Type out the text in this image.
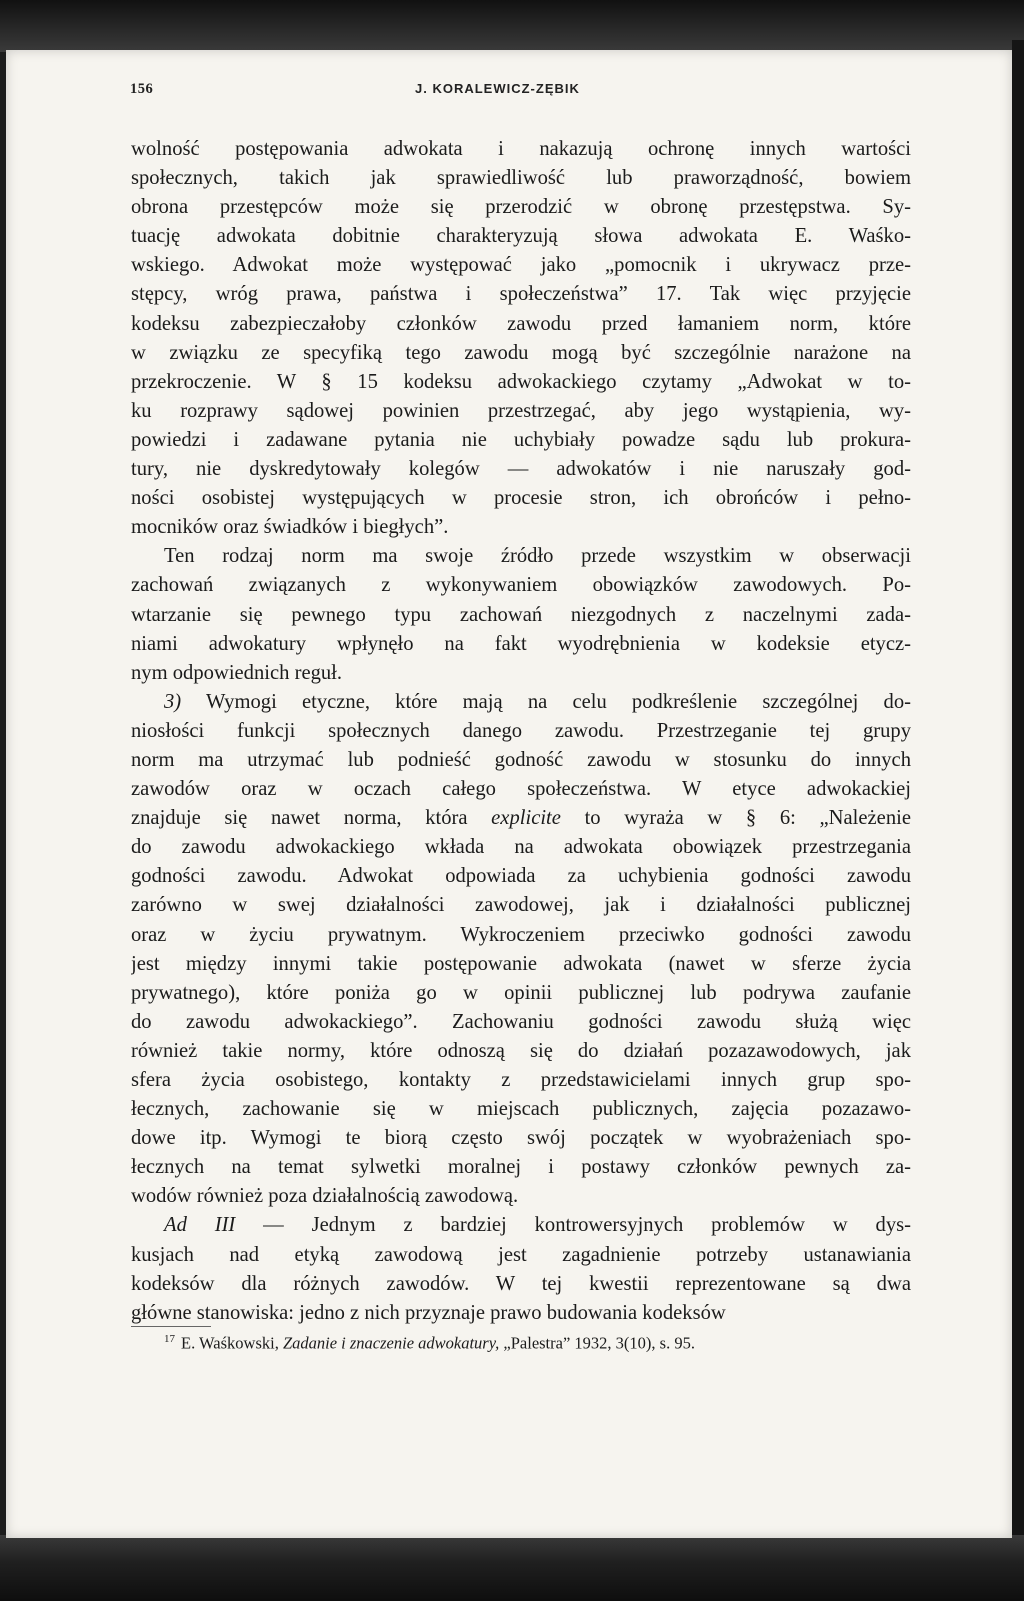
156	J. KORALEWICZ-ZĘBIK
wolność postępowania adwokata i nakazują ochronę innych wartości
społecznych, takich jak sprawiedliwość lub praworządność, bowiem
obrona przestępców może się przerodzić w obronę przestępstwa. Sy-
tuację adwokata dobitnie charakteryzują słowa adwokata E. Waśko-
wskiego. Adwokat może występować jako „pomocnik i ukrywacz prze-
stępcy, wróg prawa, państwa i społeczeństwa” 17. Tak więc przyjęcie
kodeksu zabezpieczałoby członków zawodu przed łamaniem norm, które
w związku ze specyfiką tego zawodu mogą być szczególnie narażone na
przekroczenie. W § 15 kodeksu adwokackiego czytamy „Adwokat w to-
ku rozprawy sądowej powinien przestrzegać, aby jego wystąpienia, wy-
powiedzi i zadawane pytania nie uchybiały powadze sądu lub prokura-
tury, nie dyskredytowały kolegów — adwokatów i nie naruszały god-
ności osobistej występujących w procesie stron, ich obrońców i pełno-
mocników oraz świadków i biegłych”.
Ten rodzaj norm ma swoje źródło przede wszystkim w obserwacji
zachowań związanych z wykonywaniem obowiązków zawodowych. Po-
wtarzanie się pewnego typu zachowań niezgodnych z naczelnymi zada-
niami adwokatury wpłynęło na fakt wyodrębnienia w kodeksie etycz-
nym odpowiednich reguł.
3) Wymogi etyczne, które mają na celu podkreślenie szczególnej do-
niosłości funkcji społecznych danego zawodu. Przestrzeganie tej grupy
norm ma utrzymać lub podnieść godność zawodu w stosunku do innych
zawodów oraz w oczach całego społeczeństwa. W etyce adwokackiej
znajduje się nawet norma, która explicite to wyraża w § 6: „Należenie
do zawodu adwokackiego wkłada na adwokata obowiązek przestrzegania
godności zawodu. Adwokat odpowiada za uchybienia godności zawodu
zarówno w swej działalności zawodowej, jak i działalności publicznej
oraz w życiu prywatnym. Wykroczeniem przeciwko godności zawodu
jest między innymi takie postępowanie adwokata (nawet w sferze życia
prywatnego), które poniża go w opinii publicznej lub podrywa zaufanie
do zawodu adwokackiego”. Zachowaniu godności zawodu służą więc
również takie normy, które odnoszą się do działań pozazawodowych, jak
sfera życia osobistego, kontakty z przedstawicielami innych grup spo-
łecznych, zachowanie się w miejscach publicznych, zajęcia pozazawo-
dowe itp. Wymogi te biorą często swój początek w wyobrażeniach spo-
łecznych na temat sylwetki moralnej i postawy członków pewnych za-
wodów również poza działalnością zawodową.
Ad III — Jednym z bardziej kontrowersyjnych problemów w dys-
kusjach nad etyką zawodową jest zagadnienie potrzeby ustanawiania
kodeksów dla różnych zawodów. W tej kwestii reprezentowane są dwa
główne stanowiska: jedno z nich przyznaje prawo budowania kodeksów
$^{17}$ E. Waśkowski, Zadanie i znaczenie adwokatury, „Palestra” 1932, 3(10), s. 95.
